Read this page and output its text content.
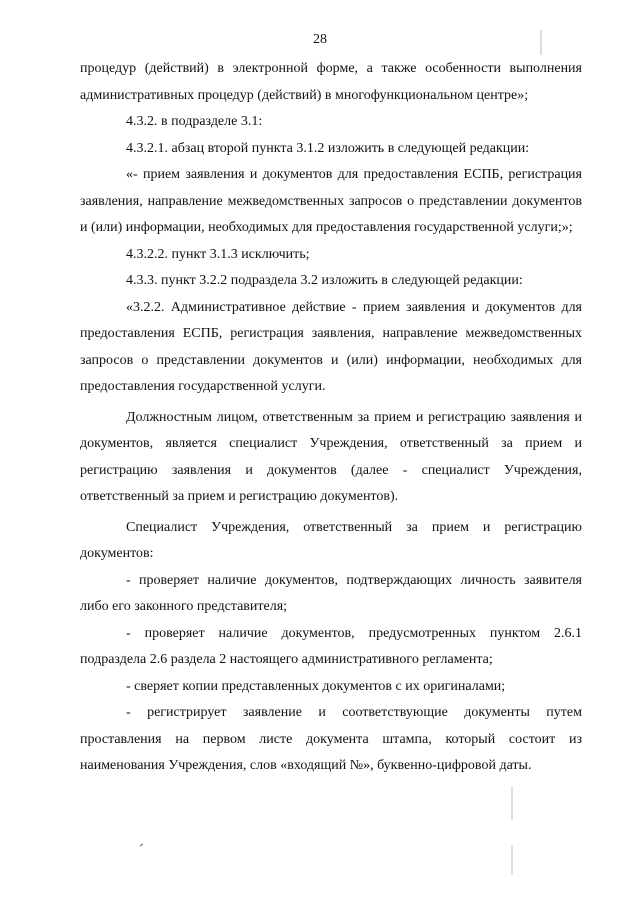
28

процедур (действий) в электронной форме, а также особенности выполнения административных процедур (действий) в многофункциональном центре»;

4.3.2. в подразделе 3.1:

4.3.2.1. абзац второй пункта 3.1.2 изложить в следующей редакции:

«- прием заявления и документов для предоставления ЕСПБ, регистрация заявления, направление межведомственных запросов о представлении документов и (или) информации, необходимых для предоставления государственной услуги;»;

4.3.2.2. пункт 3.1.3 исключить;

4.3.3. пункт 3.2.2 подраздела 3.2 изложить в следующей редакции:

«3.2.2. Административное действие - прием заявления и документов для предоставления ЕСПБ, регистрация заявления, направление межведомственных запросов о представлении документов и (или) информации, необходимых для предоставления государственной услуги.

Должностным лицом, ответственным за прием и регистрацию заявления и документов, является специалист Учреждения, ответственный за прием и регистрацию заявления и документов (далее - специалист Учреждения, ответственный за прием и регистрацию документов).

Специалист Учреждения, ответственный за прием и регистрацию документов:

- проверяет наличие документов, подтверждающих личность заявителя либо его законного представителя;

- проверяет наличие документов, предусмотренных пунктом 2.6.1 подраздела 2.6 раздела 2 настоящего административного регламента;

- сверяет копии представленных документов с их оригиналами;

- регистрирует заявление и соответствующие документы путем проставления на первом листе документа штампа, который состоит из наименования Учреждения, слов «входящий №», буквенно-цифровой даты.
